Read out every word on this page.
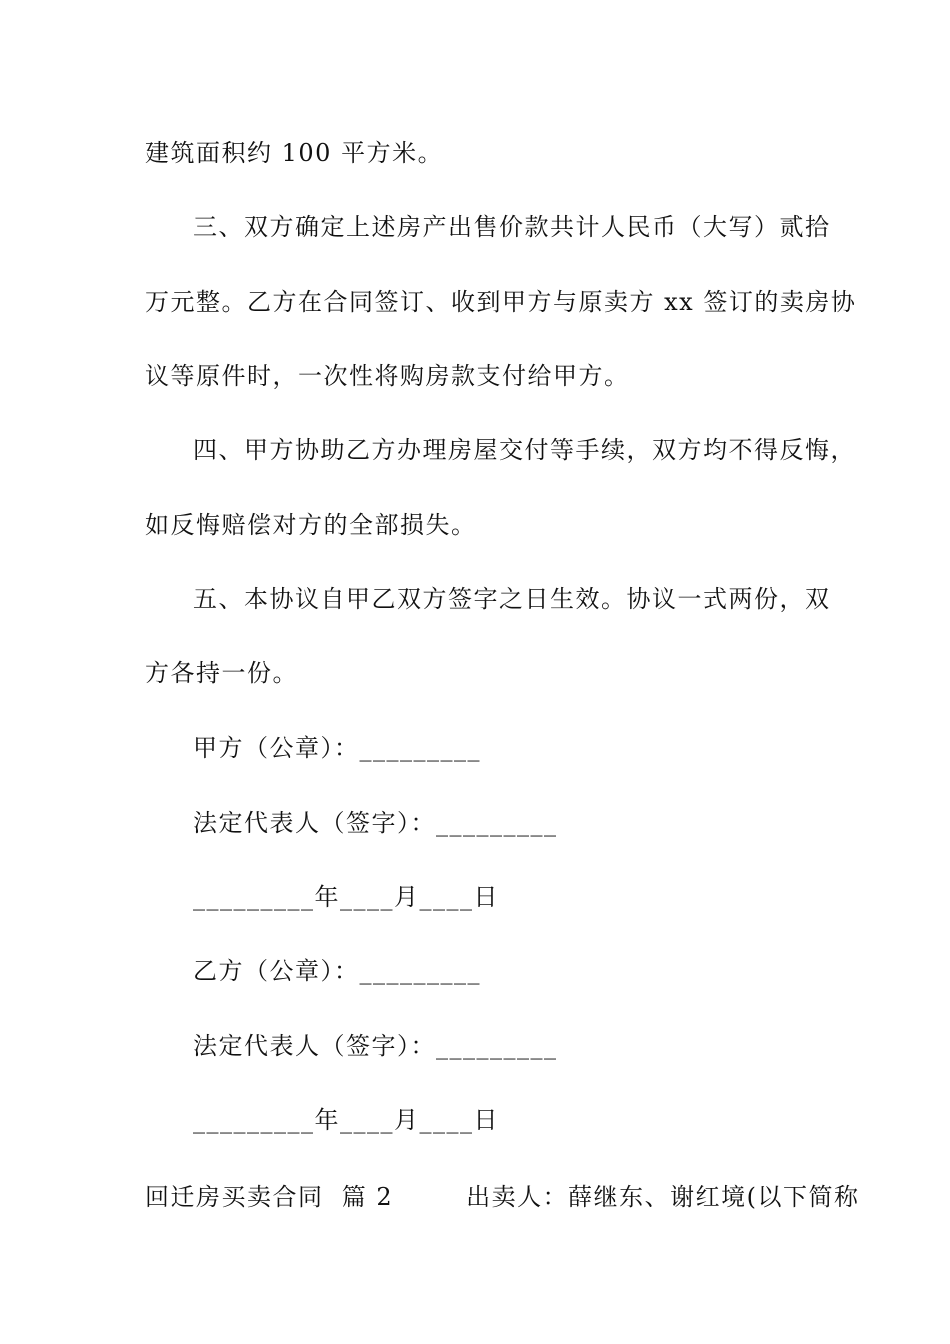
建筑面积约 100 平方米。
三、双方确定上述房产出售价款共计人民币（大写）贰拾
万元整。乙方在合同签订、收到甲方与原卖方 xx 签订的卖房协
议等原件时，一次性将购房款支付给甲方。
四、甲方协助乙方办理房屋交付等手续，双方均不得反悔，
如反悔赔偿对方的全部损失。
五、本协议自甲乙双方签字之日生效。协议一式两份，双
方各持一份。
甲方（公章）：_________
法定代表人（签字）：_________
_________年____月____日
乙方（公章）：_________
法定代表人（签字）：_________
_________年____月____日
回迁房买卖合同  篇 2        出卖人：薛继东、谢红境(以下简称
